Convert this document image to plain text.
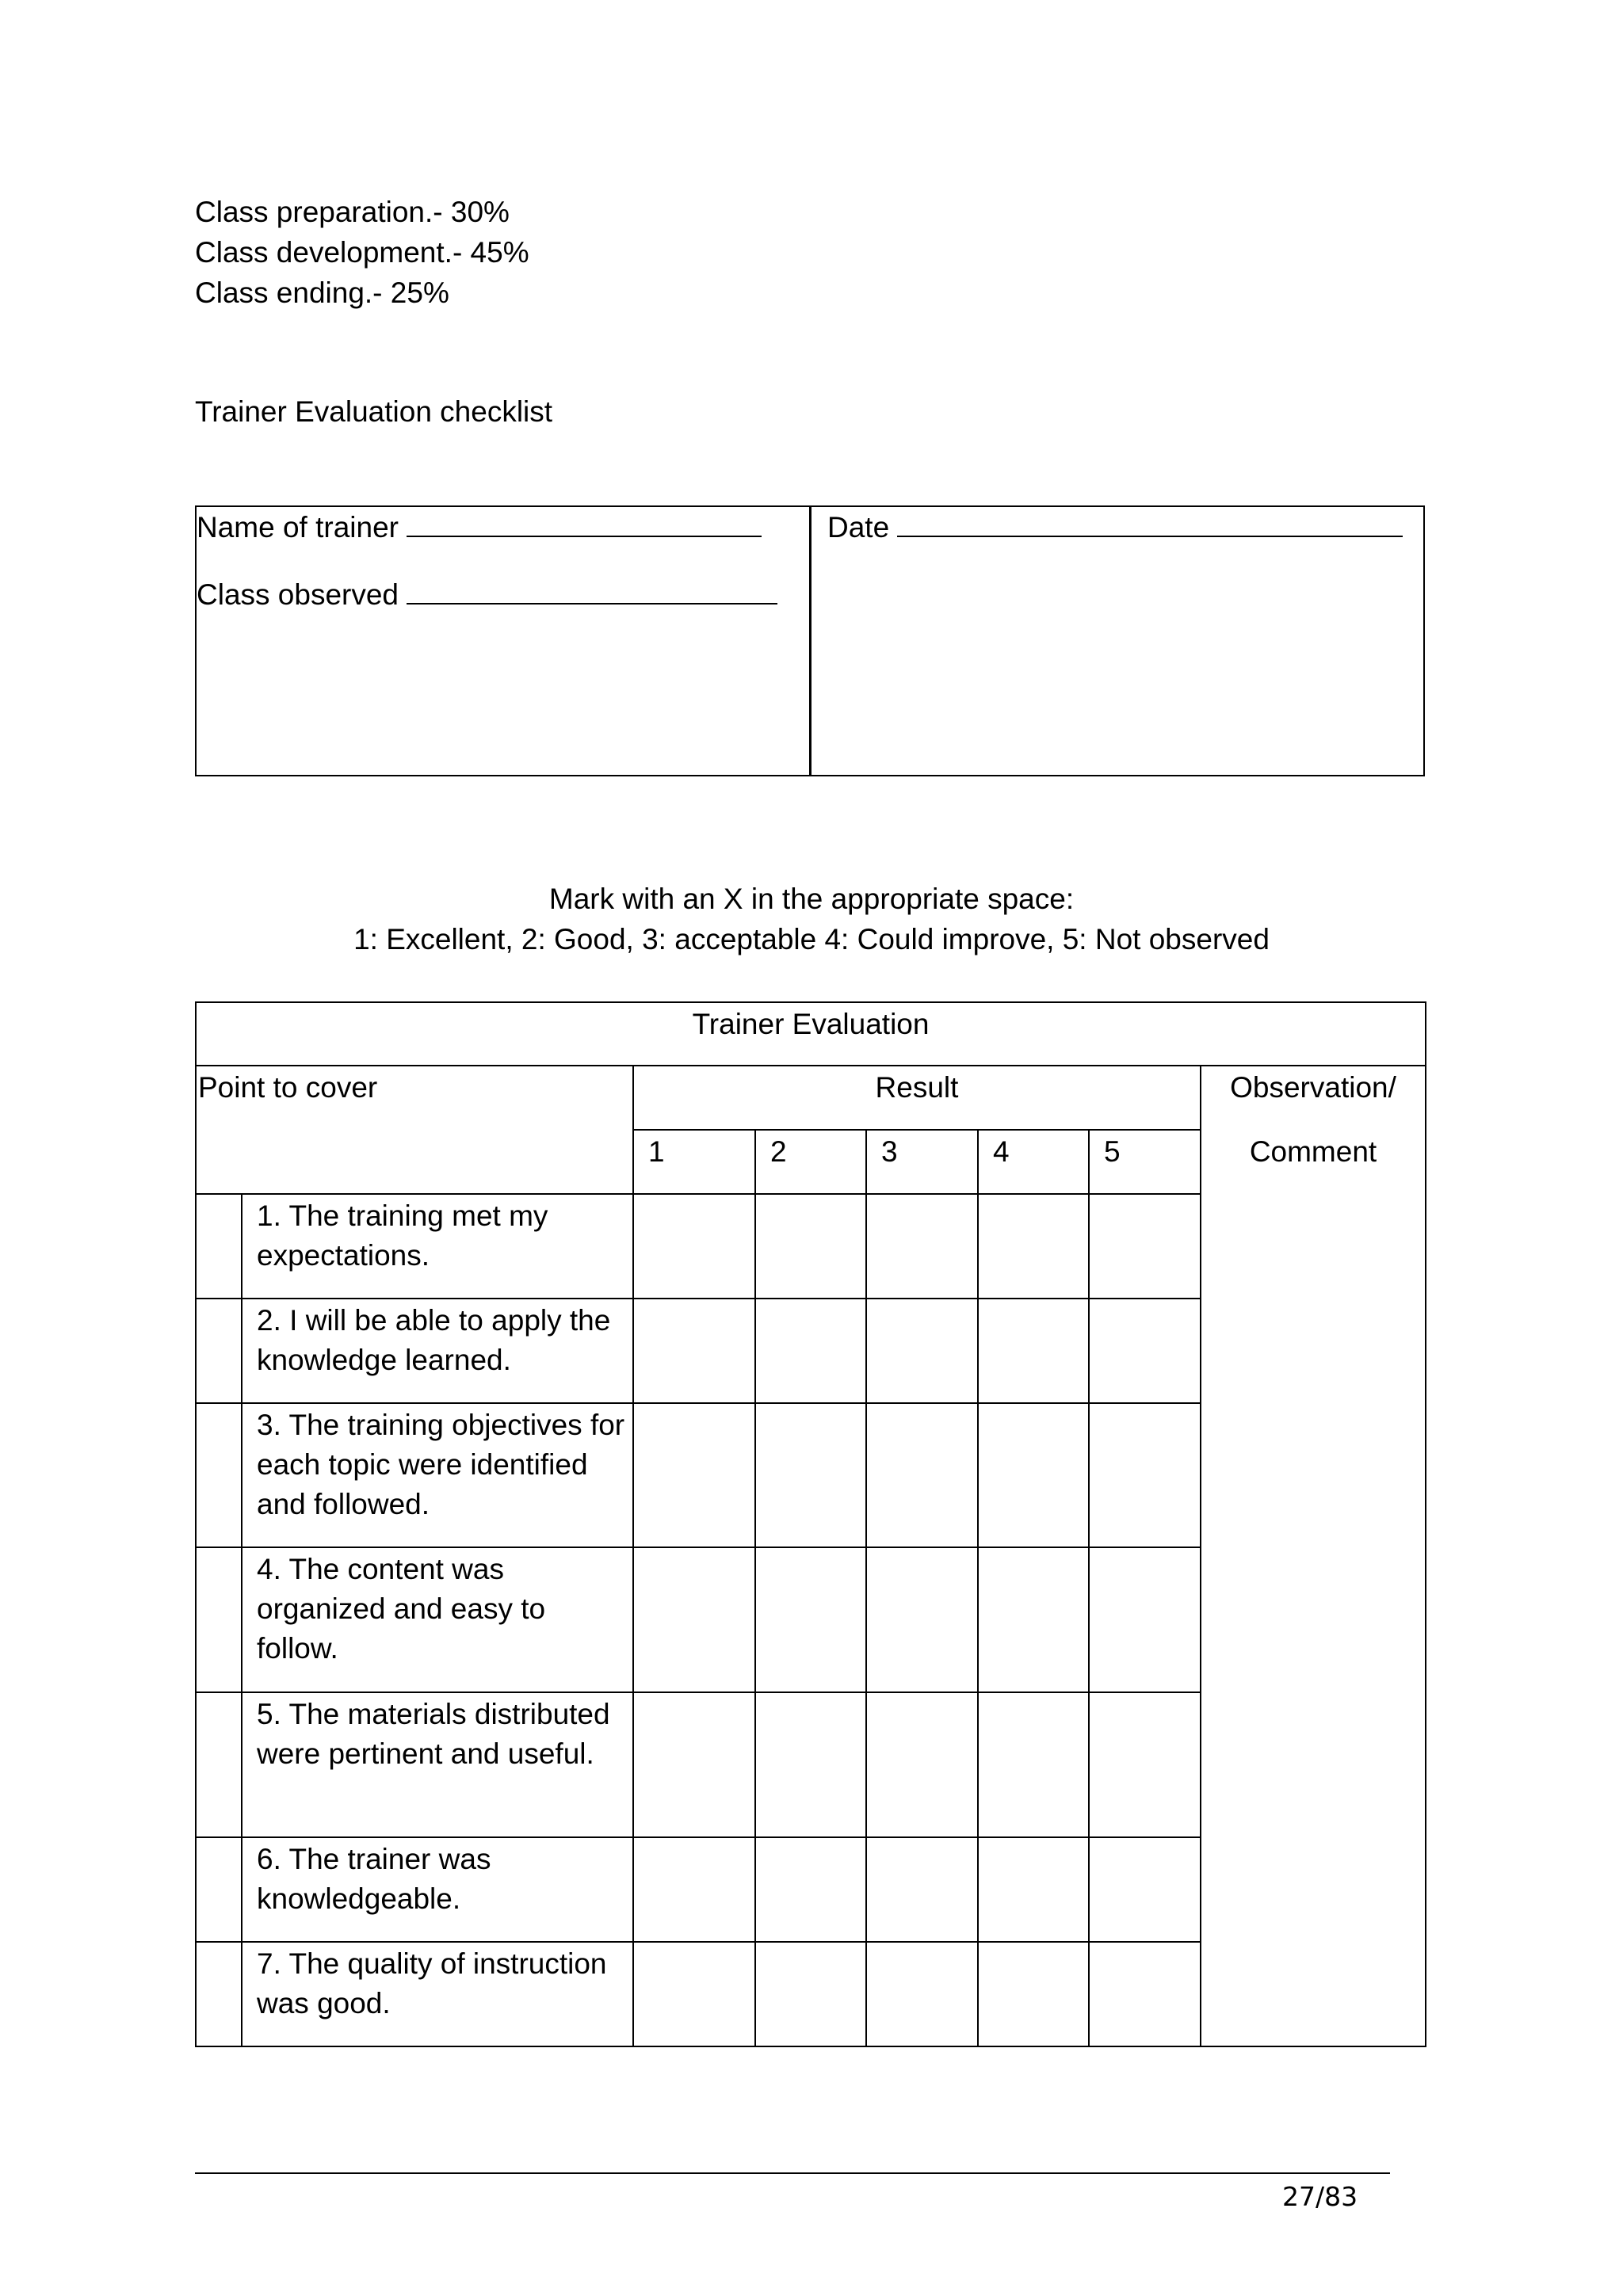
Class preparation.- 30%
Class development.- 45%
Class ending.- 25%
Trainer Evaluation checklist
Name of trainer
Class observed
Date
Mark with an X in the appropriate space:
1: Excellent, 2: Good, 3: acceptable 4: Could improve, 5: Not observed
Trainer Evaluation							
Point to cover		Result					Observation/
Comment

		1	2	3	4	5	
	1. The training met my expectations.						
	2. I will be able to apply the knowledge learned.						
	3. The training objectives for each topic were identified and followed.						
	4. The content was organized and easy to follow.						
	5. The materials distributed were pertinent and useful.						
	6. The trainer was knowledgeable.						
	7. The quality of instruction was good.						
27/83
